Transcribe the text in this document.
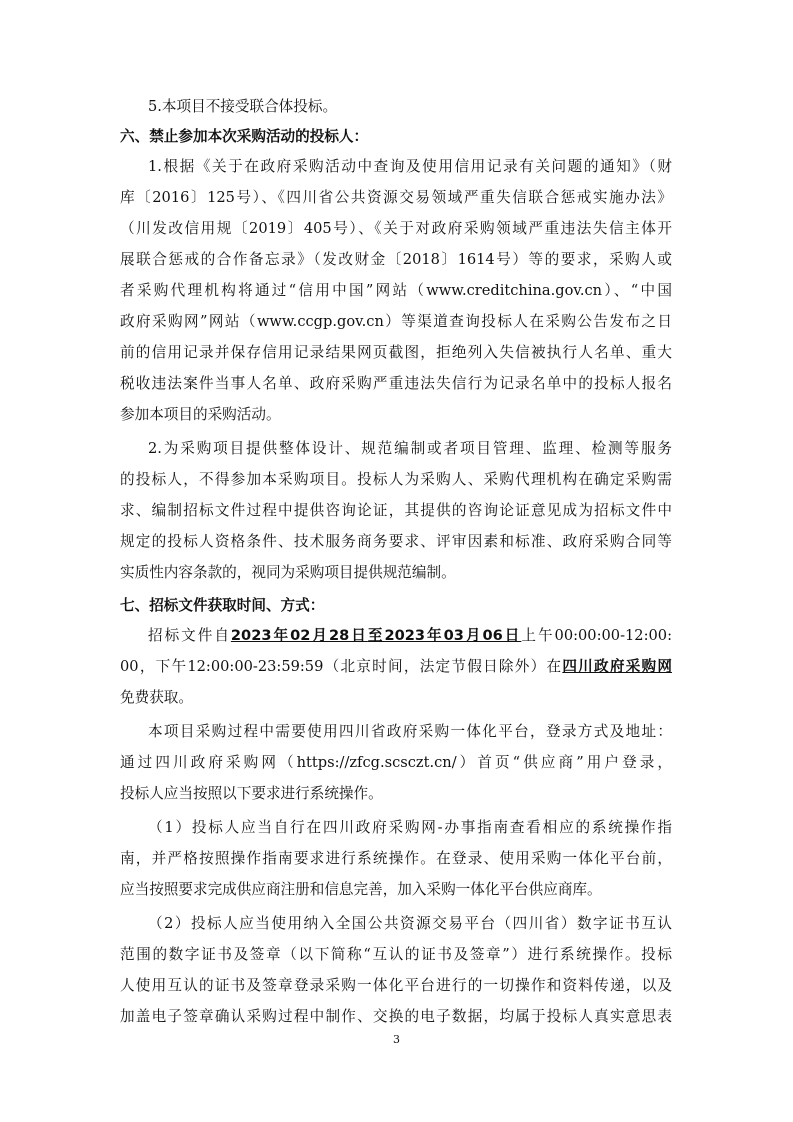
5.本项目不接受联合体投标。
六、禁止参加本次采购活动的投标人：
1.根据《关于在政府采购活动中查询及使用信用记录有关问题的通知》（财
库〔2016〕125号）、《四川省公共资源交易领域严重失信联合惩戒实施办法》
（川发改信用规〔2019〕405号）、《关于对政府采购领域严重违法失信主体开
展联合惩戒的合作备忘录》（发改财金〔2018〕1614号）等的要求，采购人或
者采购代理机构将通过“信用中国”网站（www.creditchina.gov.cn）、“中国
政府采购网”网站（www.ccgp.gov.cn）等渠道查询投标人在采购公告发布之日
前的信用记录并保存信用记录结果网页截图，拒绝列入失信被执行人名单、重大
税收违法案件当事人名单、政府采购严重违法失信行为记录名单中的投标人报名
参加本项目的采购活动。
2.为采购项目提供整体设计、规范编制或者项目管理、监理、检测等服务
的投标人，不得参加本采购项目。投标人为采购人、采购代理机构在确定采购需
求、编制招标文件过程中提供咨询论证，其提供的咨询论证意见成为招标文件中
规定的投标人资格条件、技术服务商务要求、评审因素和标准、政府采购合同等
实质性内容条款的，视同为采购项目提供规范编制。
七、招标文件获取时间、方式：
招标文件自2023年02月28日至2023年03月06日上午00:00:00-12:00:
00，下午12:00:00-23:59:59（北京时间，法定节假日除外）在四川政府采购网
免费获取。
本项目采购过程中需要使用四川省政府采购一体化平台，登录方式及地址：
通过四川政府采购网（https://zfcg.scsczt.cn/）首页“供应商”用户登录，
投标人应当按照以下要求进行系统操作。
（1）投标人应当自行在四川政府采购网-办事指南查看相应的系统操作指
南，并严格按照操作指南要求进行系统操作。在登录、使用采购一体化平台前，
应当按照要求完成供应商注册和信息完善，加入采购一体化平台供应商库。
（2）投标人应当使用纳入全国公共资源交易平台（四川省）数字证书互认
范围的数字证书及签章（以下简称“互认的证书及签章”）进行系统操作。投标
人使用互认的证书及签章登录采购一体化平台进行的一切操作和资料传递，以及
加盖电子签章确认采购过程中制作、交换的电子数据，均属于投标人真实意思表
3
